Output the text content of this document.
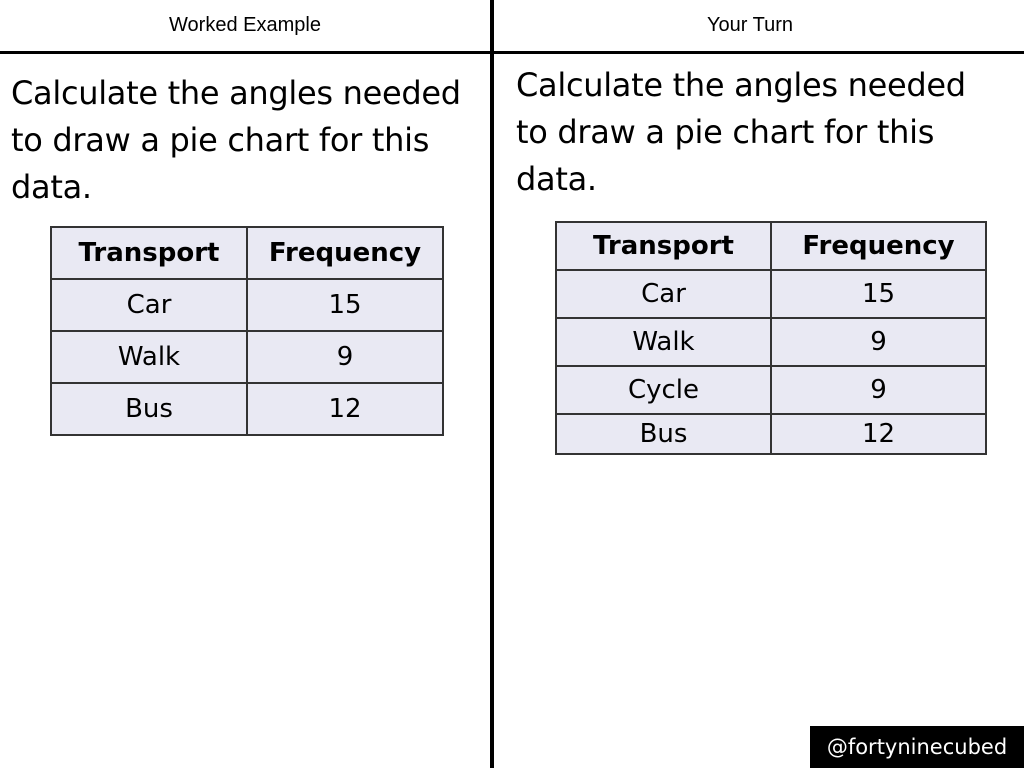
Worked Example	Your Turn
Calculate the angles needed to draw a pie chart for this data.
Calculate the angles needed to draw a pie chart for this data.
Transport	Frequency
Car	15
Walk	9
Bus	12
Transport	Frequency
Car	15
Walk	9
Cycle	9
Bus	12
@fortyninecubed
